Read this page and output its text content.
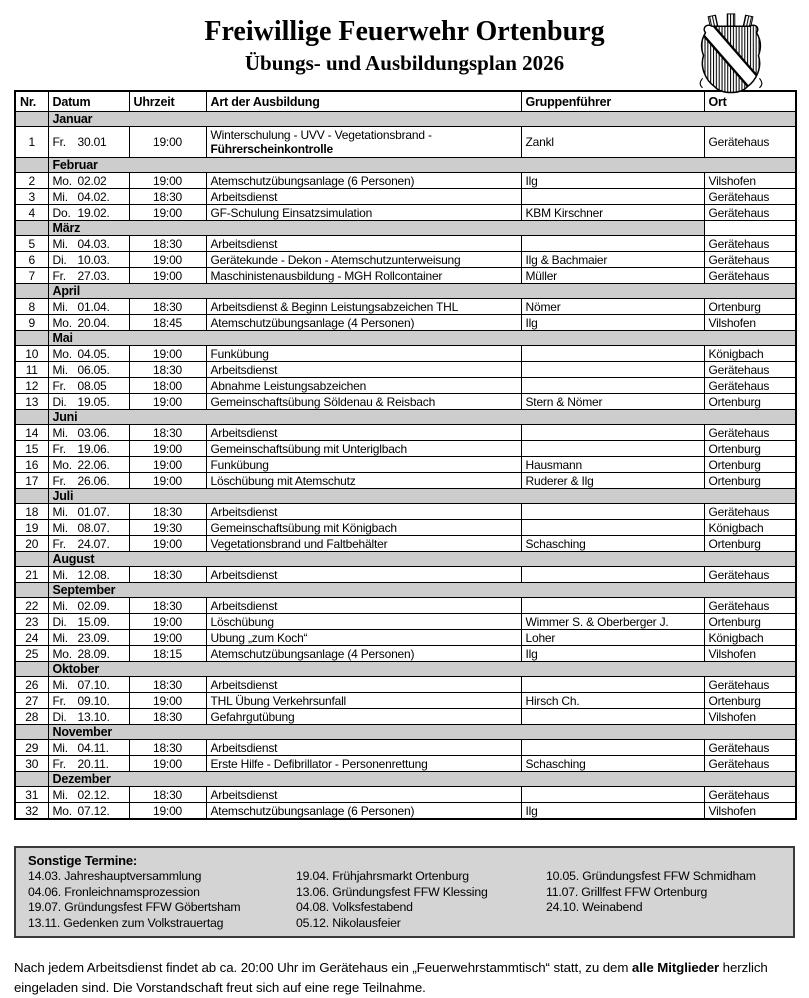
Freiwillige Feuerwehr Ortenburg
Übungs- und Ausbildungsplan 2026
Nr.	Datum	Uhrzeit	Art der Ausbildung	Gruppenführer	Ort
	Januar				
1	Fr. 30.01	19:00	Winterschulung - UVV - Vegetationsbrand -
Führerscheinkontrolle	Zankl	Gerätehaus
	Februar				
2	Mo. 02.02	19:00	Atemschutzübungsanlage (6 Personen)	Ilg	Vilshofen
3	Mi. 04.02.	18:30	Arbeitsdienst		Gerätehaus
4	Do. 19.02.	19:00	GF-Schulung Einsatzsimulation	KBM Kirschner	Gerätehaus
	März				
5	Mi. 04.03.	18:30	Arbeitsdienst		Gerätehaus
6	Di. 10.03.	19:00	Gerätekunde - Dekon - Atemschutzunterweisung	Ilg & Bachmaier	Gerätehaus
7	Fr. 27.03.	19:00	Maschinistenausbildung - MGH Rollcontainer	Müller	Gerätehaus
	April				
8	Mi. 01.04.	18:30	Arbeitsdienst & Beginn Leistungsabzeichen THL	Nömer	Ortenburg
9	Mo. 20.04.	18:45	Atemschutzübungsanlage (4 Personen)	Ilg	Vilshofen
	Mai				
10	Mo. 04.05.	19:00	Funkübung		Königbach
11	Mi. 06.05.	18:30	Arbeitsdienst		Gerätehaus
12	Fr. 08.05	18:00	Abnahme Leistungsabzeichen		Gerätehaus
13	Di. 19.05.	19:00	Gemeinschaftsübung Söldenau & Reisbach	Stern & Nömer	Ortenburg
	Juni				
14	Mi. 03.06.	18:30	Arbeitsdienst		Gerätehaus
15	Fr. 19.06.	19:00	Gemeinschaftsübung mit Unteriglbach		Ortenburg
16	Mo. 22.06.	19:00	Funkübung	Hausmann	Ortenburg
17	Fr. 26.06.	19:00	Löschübung mit Atemschutz	Ruderer & Ilg	Ortenburg
	Juli				
18	Mi. 01.07.	18:30	Arbeitsdienst		Gerätehaus
19	Mi. 08.07.	19:30	Gemeinschaftsübung mit Königbach		Königbach
20	Fr. 24.07.	19:00	Vegetationsbrand und Faltbehälter	Schasching	Ortenburg
	August				
21	Mi. 12.08.	18:30	Arbeitsdienst		Gerätehaus
	September				
22	Mi. 02.09.	18:30	Arbeitsdienst		Gerätehaus
23	Di. 15.09.	19:00	Löschübung	Wimmer S. & Oberberger J.	Ortenburg
24	Mi. 23.09.	19:00	Ubung „zum Koch“	Loher	Königbach
25	Mo. 28.09.	18:15	Atemschutzübungsanlage (4 Personen)	Ilg	Vilshofen
	Oktober				
26	Mi. 07.10.	18:30	Arbeitsdienst		Gerätehaus
27	Fr. 09.10.	19:00	THL Übung Verkehrsunfall	Hirsch Ch.	Ortenburg
28	Di. 13.10.	18:30	Gefahrgutübung		Vilshofen
	November				
29	Mi. 04.11.	18:30	Arbeitsdienst		Gerätehaus
30	Fr. 20.11.	19:00	Erste Hilfe - Defibrillator - Personenrettung	Schasching	Gerätehaus
	Dezember				
31	Mi. 02.12.	18:30	Arbeitsdienst		Gerätehaus
32	Mo. 07.12.	19:00	Atemschutzübungsanlage (6 Personen)	Ilg	Vilshofen
Sonstige Termine:
14.03. Jahreshauptversammlung
04.06. Fronleichnamsprozession
19.07. Gründungsfest FFW Göbertsham
13.11. Gedenken zum Volkstrauertag
19.04. Frühjahrsmarkt Ortenburg
13.06. Gründungsfest FFW Klessing
04.08. Volksfestabend
05.12. Nikolausfeier
10.05. Gründungsfest FFW Schmidham
11.07. Grillfest FFW Ortenburg
24.10. Weinabend

Nach jedem Arbeitsdienst findet ab ca. 20:00 Uhr im Gerätehaus ein „Feuerwehrstammtisch“ statt, zu dem alle Mitglieder herzlich eingeladen sind. Die Vorstandschaft freut sich auf eine rege Teilnahme.
